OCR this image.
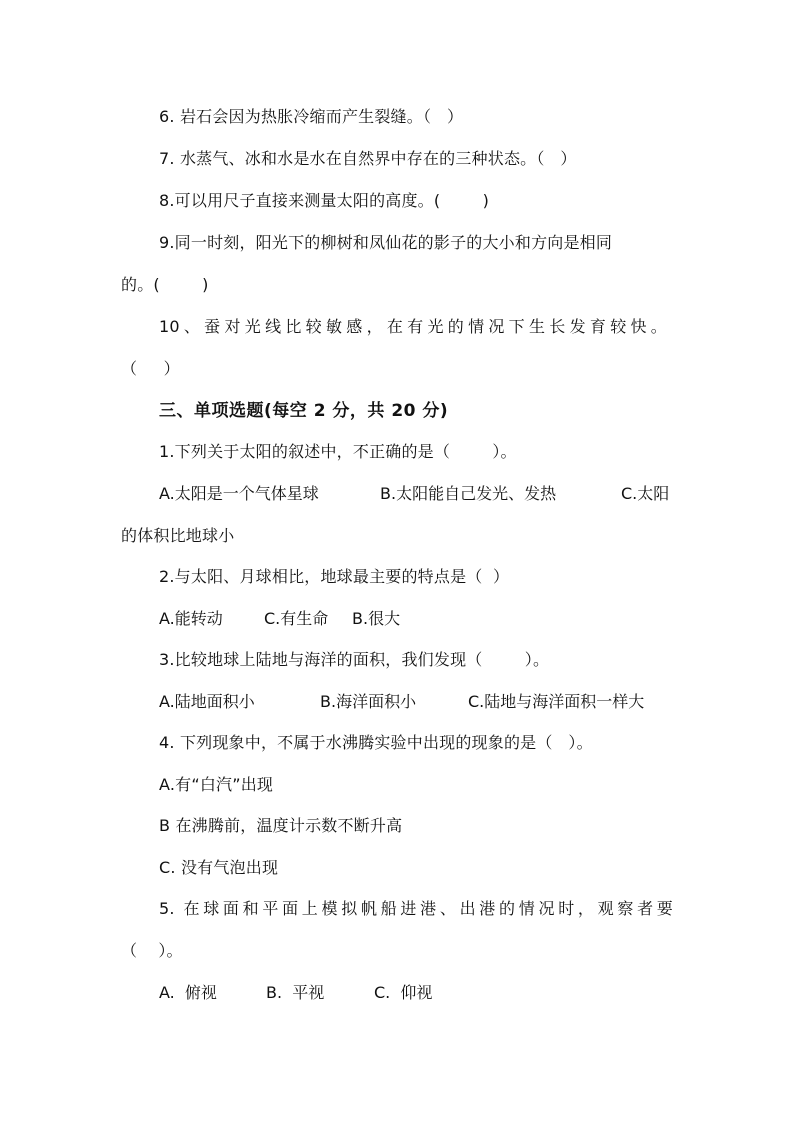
6. 岩石会因为热胀冷缩而产生裂缝。（   ）
7. 水蒸气、冰和水是水在自然界中存在的三种状态。（   ）
8.可以用尺子直接来测量太阳的高度。(        )
9.同一时刻，阳光下的柳树和凤仙花的影子的大小和方向是相同
的。(        )
10、蚕对光线比较敏感，在有光的情况下生长发育较快。
（     ）
三、单项选题(每空 2 分，共 20 分)
1.下列关于太阳的叙述中，不正确的是（        ）。
A.太阳是一个气体星球	B.太阳能自己发光、发热	C.太阳
的体积比地球小
2.与太阳、月球相比，地球最主要的特点是（  ）
A.能转动	C.有生命 B.很大
3.比较地球上陆地与海洋的面积，我们发现（        ）。
A.陆地面积小	B.海洋面积小	C.陆地与海洋面积一样大
4. 下列现象中，不属于水沸腾实验中出现的现象的是（   ）。
A.有“白汽”出现
B 在沸腾前，温度计示数不断升高
C. 没有气泡出现
5. 在球面和平面上模拟帆船进港、出港的情况时，观察者要
（    ）。
A.  俯视	B.  平视	C.  仰视
